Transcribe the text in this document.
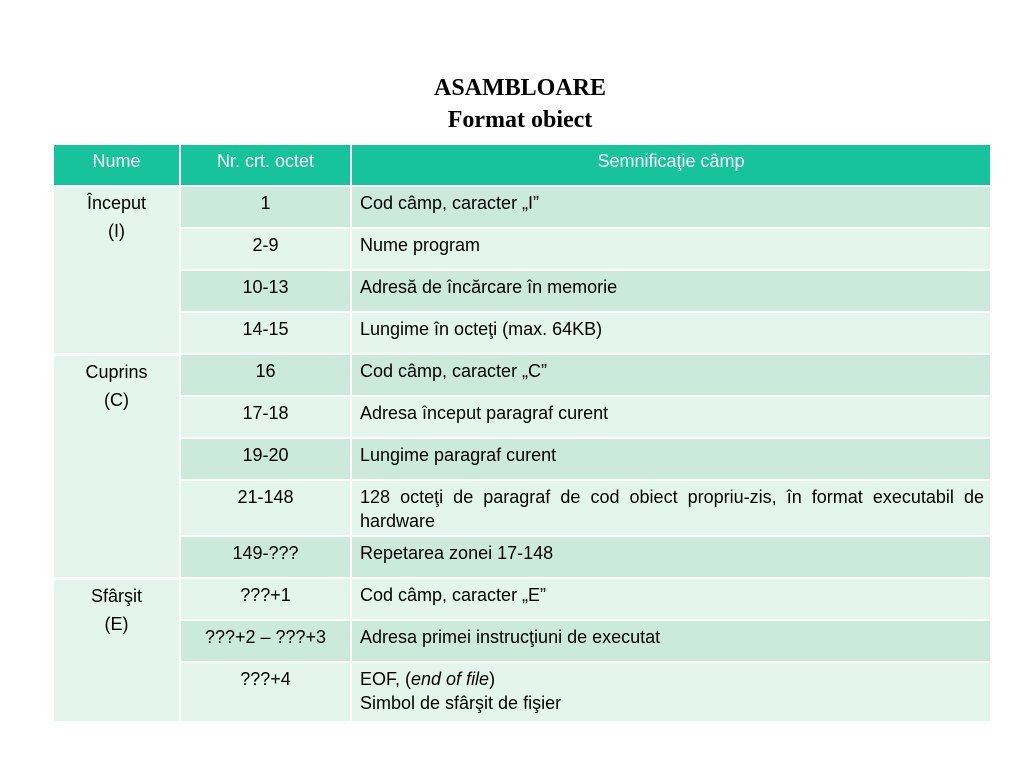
ASAMBLOARE
Format obiect
Nume	Nr. crt. octet	Semnificaţie câmp

Început
(I)	1	Cod câmp, caracter „I”
	2-9	Nume program
	10-13	Adresă de încărcare în memorie
	14-15	Lungime în octeţi (max. 64KB)

Cuprins
(C)	16	Cod câmp, caracter „C”
	17-18	Adresa început paragraf curent
	19-20	Lungime paragraf curent
	21-148	128 octeţi de paragraf de cod obiect propriu-zis, în format executabil de hardware
	149-???	Repetarea zonei 17-148

Sfârşit
(E)	???+1	Cod câmp, caracter „E”
	???+2 – ???+3	Adresa primei instrucţiuni de executat
	???+4	EOF, (end of file)
Simbol de sfârşit de fişier
